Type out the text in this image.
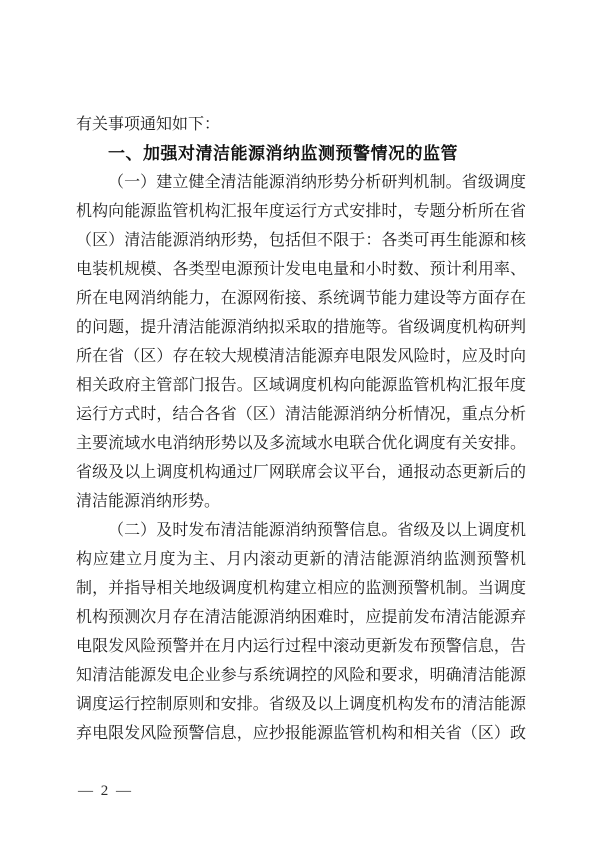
有关事项通知如下：
一、加强对清洁能源消纳监测预警情况的监管
（一）建立健全清洁能源消纳形势分析研判机制。省级调度
机构向能源监管机构汇报年度运行方式安排时，专题分析所在省
（区）清洁能源消纳形势，包括但不限于：各类可再生能源和核
电装机规模、各类型电源预计发电电量和小时数、预计利用率、
所在电网消纳能力，在源网衔接、系统调节能力建设等方面存在
的问题，提升清洁能源消纳拟采取的措施等。省级调度机构研判
所在省（区）存在较大规模清洁能源弃电限发风险时，应及时向
相关政府主管部门报告。区域调度机构向能源监管机构汇报年度
运行方式时，结合各省（区）清洁能源消纳分析情况，重点分析
主要流域水电消纳形势以及多流域水电联合优化调度有关安排。
省级及以上调度机构通过厂网联席会议平台，通报动态更新后的
清洁能源消纳形势。
（二）及时发布清洁能源消纳预警信息。省级及以上调度机
构应建立月度为主、月内滚动更新的清洁能源消纳监测预警机
制，并指导相关地级调度机构建立相应的监测预警机制。当调度
机构预测次月存在清洁能源消纳困难时，应提前发布清洁能源弃
电限发风险预警并在月内运行过程中滚动更新发布预警信息，告
知清洁能源发电企业参与系统调控的风险和要求，明确清洁能源
调度运行控制原则和安排。省级及以上调度机构发布的清洁能源
弃电限发风险预警信息，应抄报能源监管机构和相关省（区）政
— 2 —
